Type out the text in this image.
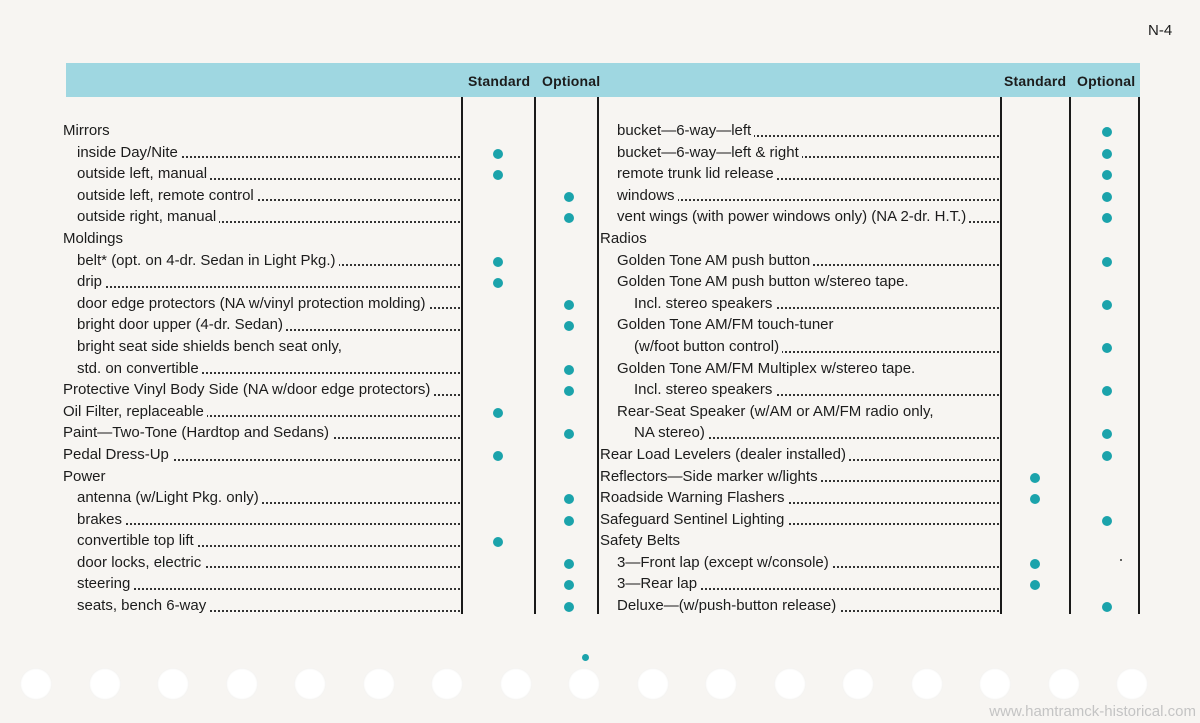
N-4
Standard Optional	Standard Optional
Mirrors
inside Day/Nite
outside left, manual
outside left, remote control
outside right, manual
Moldings
belt* (opt. on 4-dr. Sedan in Light Pkg.)
drip
door edge protectors (NA w/vinyl protection molding)
bright door upper (4-dr. Sedan)
bright seat side shields bench seat only,
std. on convertible
Protective Vinyl Body Side (NA w/door edge protectors)
Oil Filter, replaceable
Paint—Two-Tone (Hardtop and Sedans)
Pedal Dress-Up
Power
antenna (w/Light Pkg. only)
brakes
convertible top lift
door locks, electric
steering
seats, bench 6-way
bucket—6-way—left
bucket—6-way—left & right
remote trunk lid release
windows
vent wings (with power windows only) (NA 2-dr. H.T.)
Radios
Golden Tone AM push button
Golden Tone AM push button w/stereo tape.
Incl. stereo speakers
Golden Tone AM/FM touch-tuner
(w/foot button control)
Golden Tone AM/FM Multiplex w/stereo tape.
Incl. stereo speakers
Rear-Seat Speaker (w/AM or AM/FM radio only,
NA stereo)
Rear Load Levelers (dealer installed)
Reflectors—Side marker w/lights
Roadside Warning Flashers
Safeguard Sentinel Lighting
Safety Belts
3—Front lap (except w/console)
3—Rear lap
Deluxe—(w/push-button release)
www.hamtramck-historical.com
